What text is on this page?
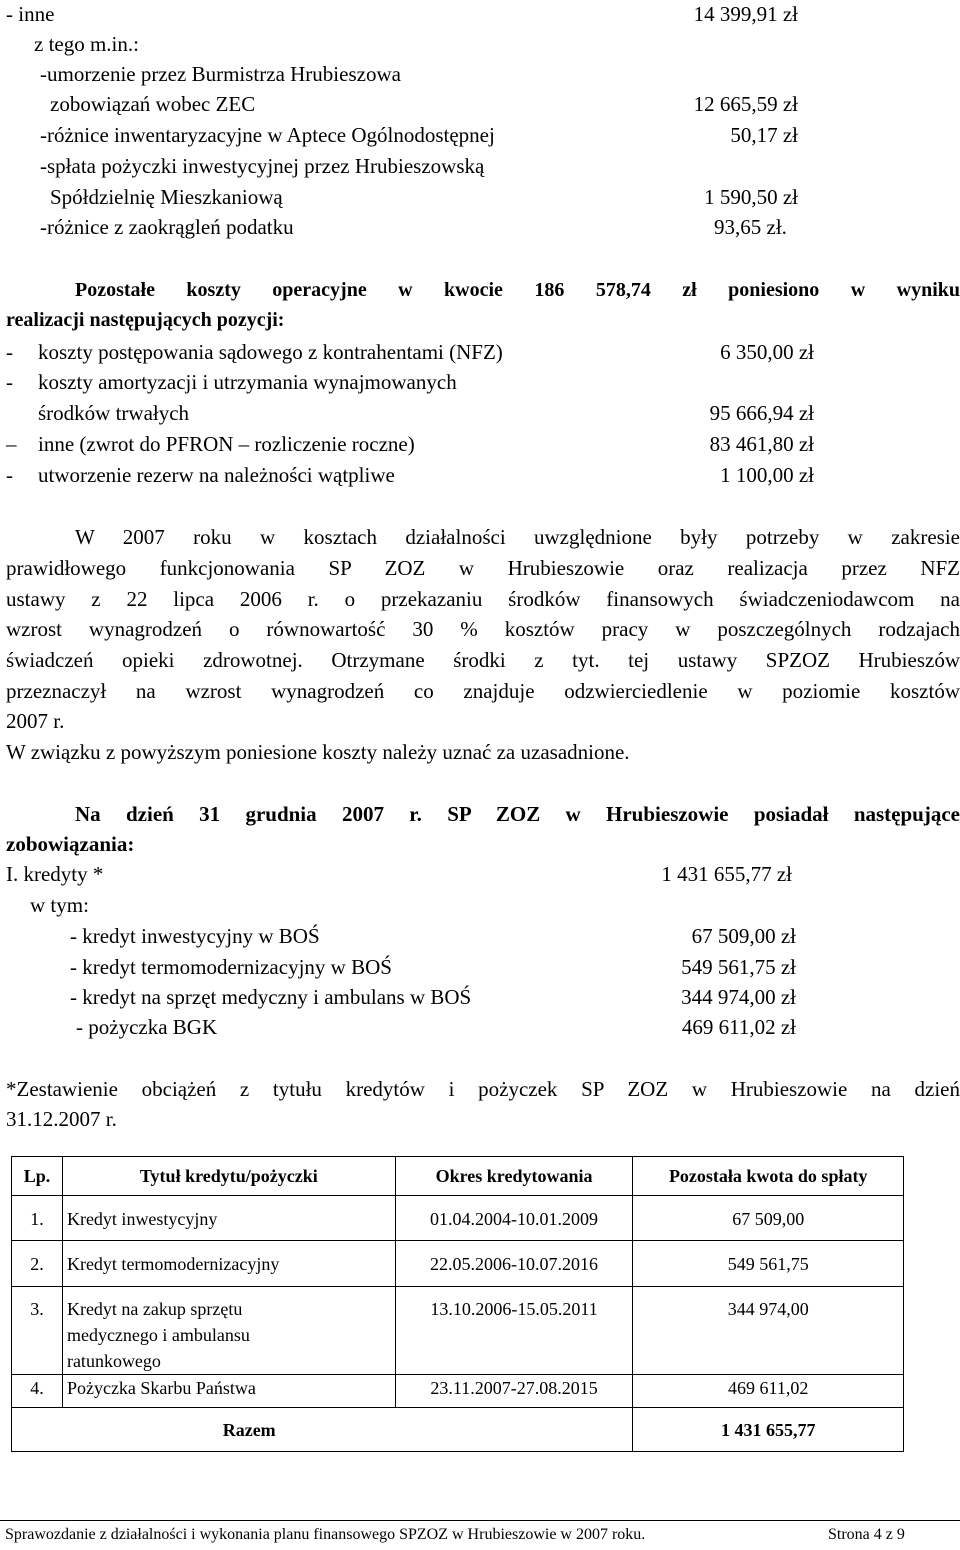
- inne	14 399,91 zł
z tego m.in.:
-umorzenie przez Burmistrza Hrubieszowa
zobowiązań wobec ZEC	12 665,59 zł
-różnice inwentaryzacyjne w Aptece Ogólnodostępnej	50,17 zł
-spłata pożyczki inwestycyjnej przez Hrubieszowską
Spółdzielnię Mieszkaniową	1 590,50 zł
-różnice z zaokrągleń podatku	93,65 zł.
Pozostałe koszty operacyjne w kwocie 186 578,74 zł poniesiono w wyniku
realizacji następujących pozycji:
- koszty postępowania sądowego z kontrahentami (NFZ)	6 350,00 zł
- koszty amortyzacji i utrzymania wynajmowanych
środków trwałych	95 666,94 zł
– inne (zwrot do PFRON – rozliczenie roczne)	83 461,80 zł
- utworzenie rezerw na należności wątpliwe	1 100,00 zł
W 2007 roku w kosztach działalności uwzględnione były potrzeby w zakresie
prawidłowego funkcjonowania SP ZOZ w Hrubieszowie oraz realizacja przez NFZ
ustawy z 22 lipca 2006 r. o przekazaniu środków finansowych świadczeniodawcom na
wzrost wynagrodzeń o równowartość 30 % kosztów pracy w poszczególnych rodzajach
świadczeń opieki zdrowotnej. Otrzymane środki z tyt. tej ustawy SPZOZ Hrubieszów
przeznaczył na wzrost wynagrodzeń co znajduje odzwierciedlenie w poziomie kosztów
2007 r.
W związku z powyższym poniesione koszty należy uznać za uzasadnione.
Na dzień 31 grudnia 2007 r. SP ZOZ w Hrubieszowie posiadał następujące
zobowiązania:
I. kredyty *	1 431 655,77 zł
w tym:
- kredyt inwestycyjny w BOŚ	67 509,00 zł
- kredyt termomodernizacyjny w BOŚ	549 561,75 zł
- kredyt na sprzęt medyczny i ambulans w BOŚ	344 974,00 zł
- pożyczka BGK	469 611,02 zł
*Zestawienie obciążeń z tytułu kredytów i pożyczek SP ZOZ w Hrubieszowie na dzień
31.12.2007 r.
Lp.	Tytuł kredytu/pożyczki	Okres kredytowania	Pozostała kwota do spłaty
1.	Kredyt inwestycyjny	01.04.2004-10.01.2009	67 509,00
2.	Kredyt termomodernizacyjny	22.05.2006-10.07.2016	549 561,75
3.	Kredyt na zakup sprzętu medycznego i ambulansu ratunkowego	13.10.2006-15.05.2011	344 974,00
4.	Pożyczka Skarbu Państwa	23.11.2007-27.08.2015	469 611,02
Razem			1 431 655,77
Sprawozdanie z działalności i wykonania planu finansowego SPZOZ w Hrubieszowie w 2007 roku.	Strona 4 z 9
